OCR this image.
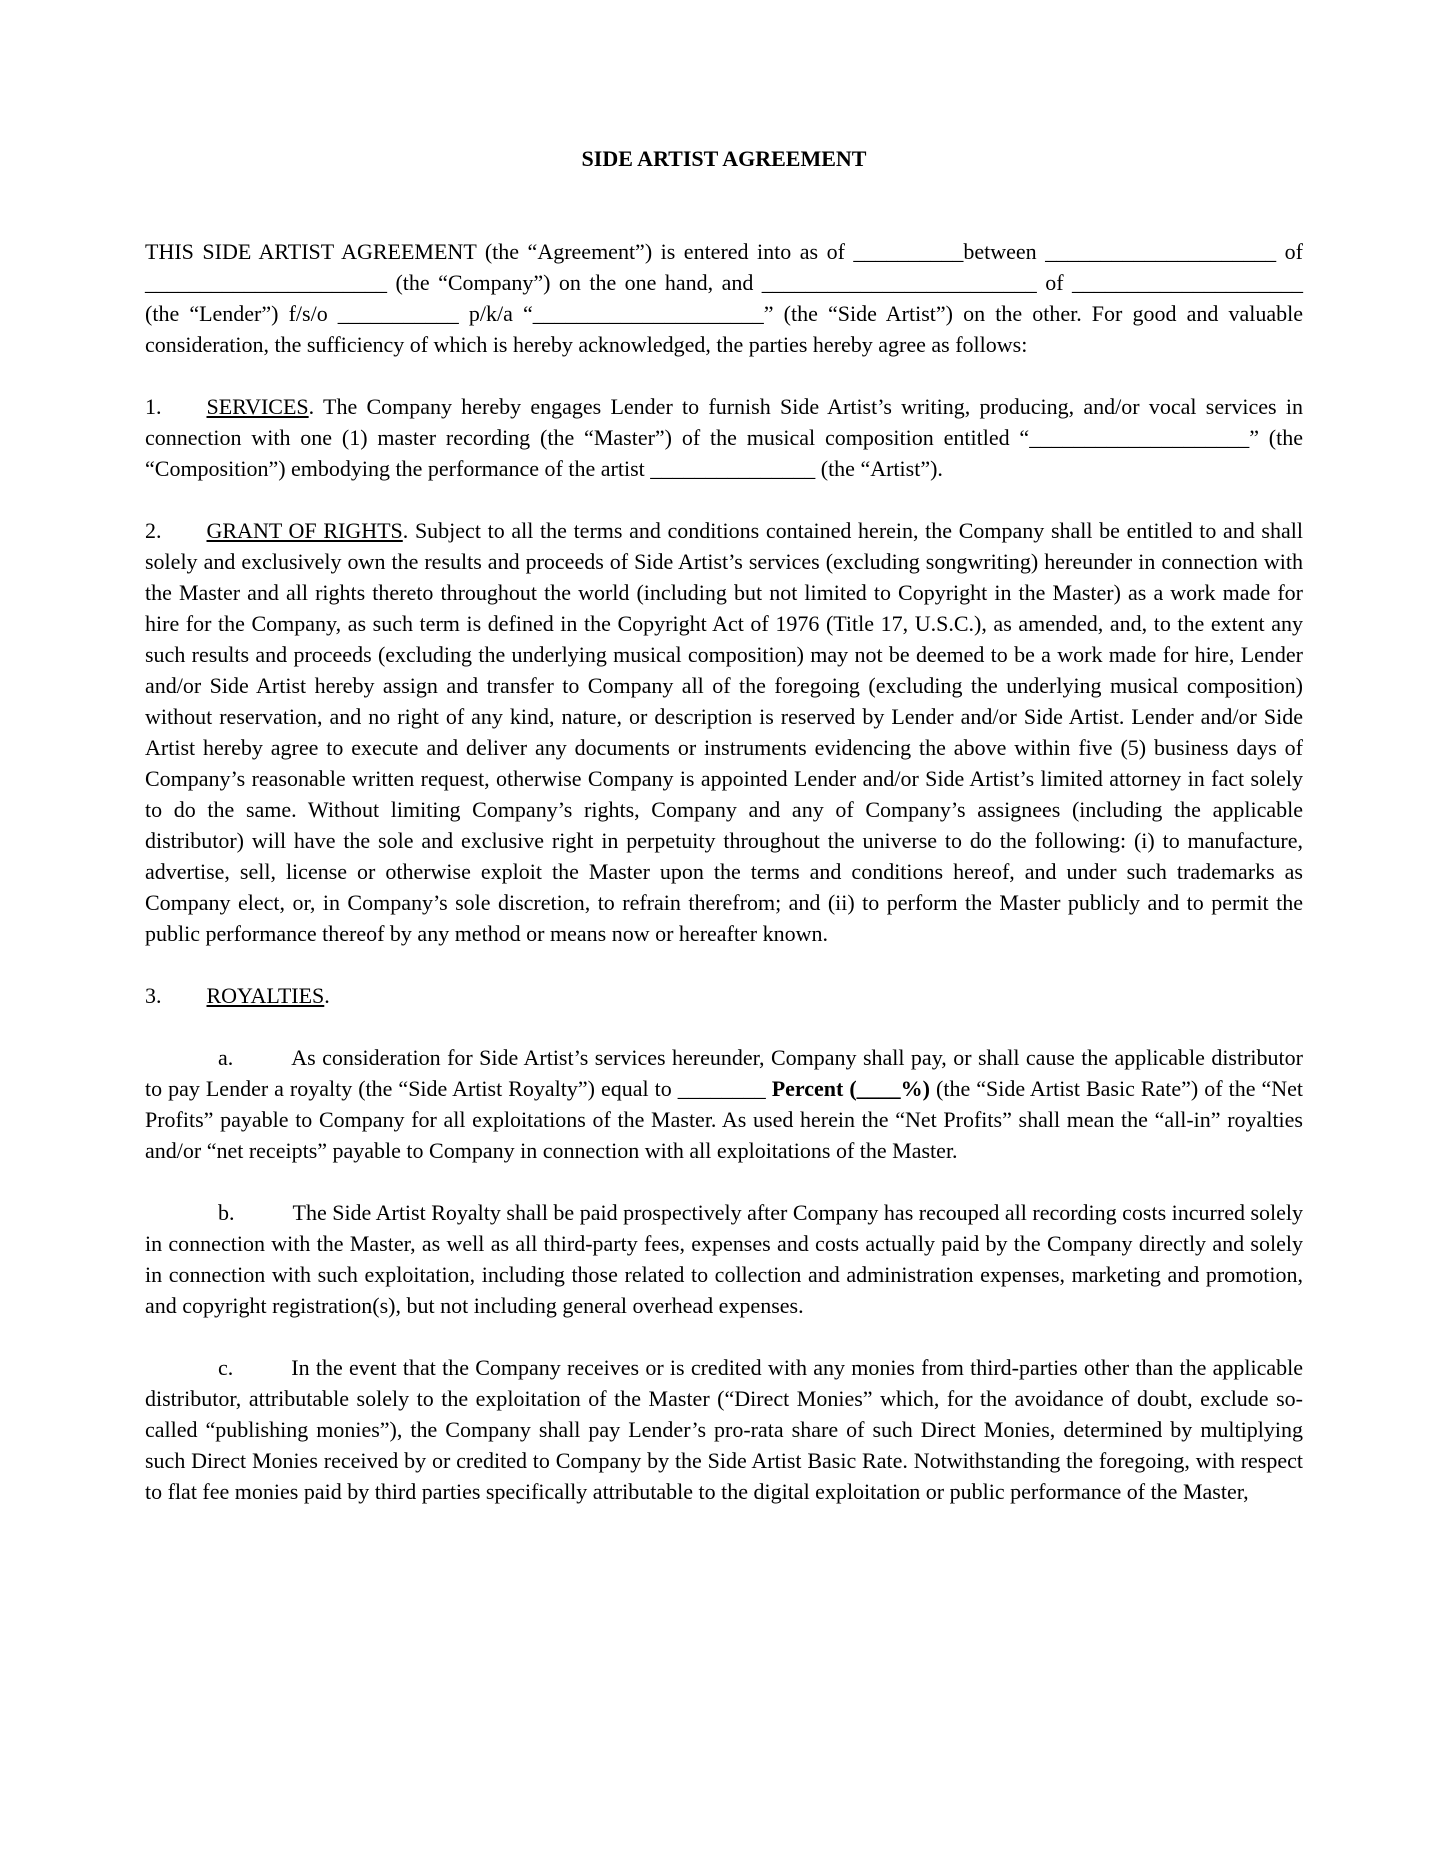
SIDE ARTIST AGREEMENT

THIS SIDE ARTIST AGREEMENT (the “Agreement”) is entered into as of __________between _____________________ of ______________________ (the “Company”) on the one hand, and _________________________ of _____________________ (the “Lender”) f/s/o ___________ p/k/a “_____________________” (the “Side Artist”) on the other. For good and valuable consideration, the sufficiency of which is hereby acknowledged, the parties hereby agree as follows:

1. SERVICES. The Company hereby engages Lender to furnish Side Artist’s writing, producing, and/or vocal services in connection with one (1) master recording (the “Master”) of the musical composition entitled “____________________” (the “Composition”) embodying the performance of the artist _______________ (the “Artist”).

2. GRANT OF RIGHTS. Subject to all the terms and conditions contained herein, the Company shall be entitled to and shall solely and exclusively own the results and proceeds of Side Artist’s services (excluding songwriting) hereunder in connection with the Master and all rights thereto throughout the world (including but not limited to Copyright in the Master) as a work made for hire for the Company, as such term is defined in the Copyright Act of 1976 (Title 17, U.S.C.), as amended, and, to the extent any such results and proceeds (excluding the underlying musical composition) may not be deemed to be a work made for hire, Lender and/or Side Artist hereby assign and transfer to Company all of the foregoing (excluding the underlying musical composition) without reservation, and no right of any kind, nature, or description is reserved by Lender and/or Side Artist. Lender and/or Side Artist hereby agree to execute and deliver any documents or instruments evidencing the above within five (5) business days of Company’s reasonable written request, otherwise Company is appointed Lender and/or Side Artist’s limited attorney in fact solely to do the same. Without limiting Company’s rights, Company and any of Company’s assignees (including the applicable distributor) will have the sole and exclusive right in perpetuity throughout the universe to do the following: (i) to manufacture, advertise, sell, license or otherwise exploit the Master upon the terms and conditions hereof, and under such trademarks as Company elect, or, in Company’s sole discretion, to refrain therefrom; and (ii) to perform the Master publicly and to permit the public performance thereof by any method or means now or hereafter known.

3. ROYALTIES.

a.	As consideration for Side Artist’s services hereunder, Company shall pay, or shall cause the applicable distributor to pay Lender a royalty (the “Side Artist Royalty”) equal to ________ Percent (____%) (the “Side Artist Basic Rate”) of the “Net Profits” payable to Company for all exploitations of the Master. As used herein the “Net Profits” shall mean the “all-in” royalties and/or “net receipts” payable to Company in connection with all exploitations of the Master.

b.	The Side Artist Royalty shall be paid prospectively after Company has recouped all recording costs incurred solely in connection with the Master, as well as all third-party fees, expenses and costs actually paid by the Company directly and solely in connection with such exploitation, including those related to collection and administration expenses, marketing and promotion, and copyright registration(s), but not including general overhead expenses.

c.	In the event that the Company receives or is credited with any monies from third-parties other than the applicable distributor, attributable solely to the exploitation of the Master (“Direct Monies” which, for the avoidance of doubt, exclude so-called “publishing monies”), the Company shall pay Lender’s pro-rata share of such Direct Monies, determined by multiplying such Direct Monies received by or credited to Company by the Side Artist Basic Rate. Notwithstanding the foregoing, with respect to flat fee monies paid by third parties specifically attributable to the digital exploitation or public performance of the Master,
